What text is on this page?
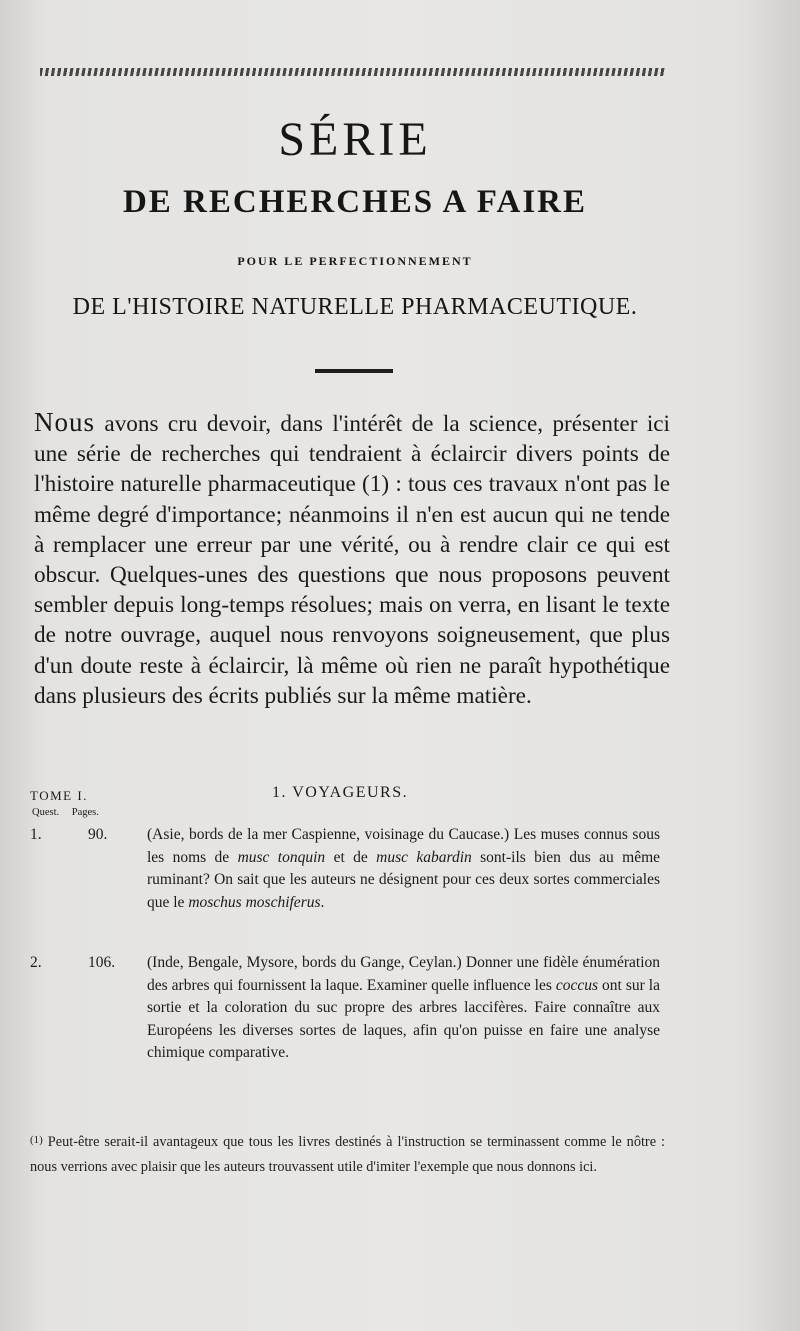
SÉRIE
DE RECHERCHES A FAIRE
POUR LE PERFECTIONNEMENT
DE L'HISTOIRE NATURELLE PHARMACEUTIQUE.
Nous avons cru devoir, dans l'intérêt de la science, présenter ici une série de recherches qui tendraient à éclaircir divers points de l'histoire naturelle pharmaceutique (1) : tous ces travaux n'ont pas le même degré d'importance; néanmoins il n'en est aucun qui ne tende à remplacer une erreur par une vérité, ou à rendre clair ce qui est obscur. Quelques-unes des questions que nous proposons peuvent sembler depuis long-temps résolues; mais on verra, en lisant le texte de notre ouvrage, auquel nous renvoyons soigneusement, que plus d'un doute reste à éclaircir, là même où rien ne paraît hypothétique dans plusieurs des écrits publiés sur la même matière.
TOME I.
Quest. Pages.
1. VOYAGEURS.
1.	90.	(Asie, bords de la mer Caspienne, voisinage du Caucase.) Les muses connus sous les noms de musc tonquin et de musc kabardin sont-ils bien dus au même ruminant? On sait que les auteurs ne désignent pour ces deux sortes commerciales que le moschus moschiferus.
2.	106. (Inde, Bengale, Mysore, bords du Gange, Ceylan.) Donner une fidèle énumération des arbres qui fournissent la laque. Examiner quelle influence les coccus ont sur la sortie et la coloration du suc propre des arbres laccifères. Faire connaître aux Européens les diverses sortes de laques, afin qu'on puisse en faire une analyse chimique comparative.
$^{(1)}$ Peut-être serait-il avantageux que tous les livres destinés à l'instruction se terminassent comme le nôtre : nous verrions avec plaisir que les auteurs trouvassent utile d'imiter l'exemple que nous donnons ici.
